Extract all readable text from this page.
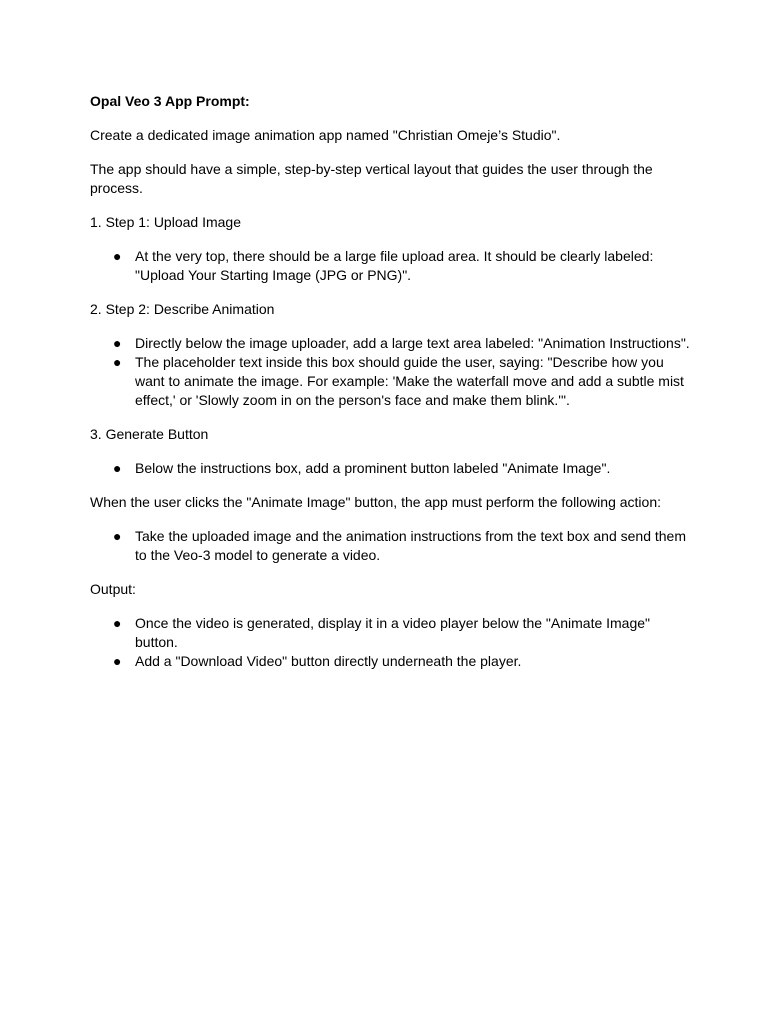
Opal Veo 3 App Prompt:

Create a dedicated image animation app named "Christian Omeje’s Studio".

The app should have a simple, step-by-step vertical layout that guides the user through the process.

1. Step 1: Upload Image

● At the very top, there should be a large file upload area. It should be clearly labeled: "Upload Your Starting Image (JPG or PNG)".

2. Step 2: Describe Animation

● Directly below the image uploader, add a large text area labeled: "Animation Instructions".
● The placeholder text inside this box should guide the user, saying: "Describe how you want to animate the image. For example: 'Make the waterfall move and add a subtle mist effect,' or 'Slowly zoom in on the person's face and make them blink.'".

3. Generate Button

● Below the instructions box, add a prominent button labeled "Animate Image".

When the user clicks the "Animate Image" button, the app must perform the following action:

● Take the uploaded image and the animation instructions from the text box and send them to the Veo-3 model to generate a video.

Output:

● Once the video is generated, display it in a video player below the "Animate Image" button.
● Add a "Download Video" button directly underneath the player.
